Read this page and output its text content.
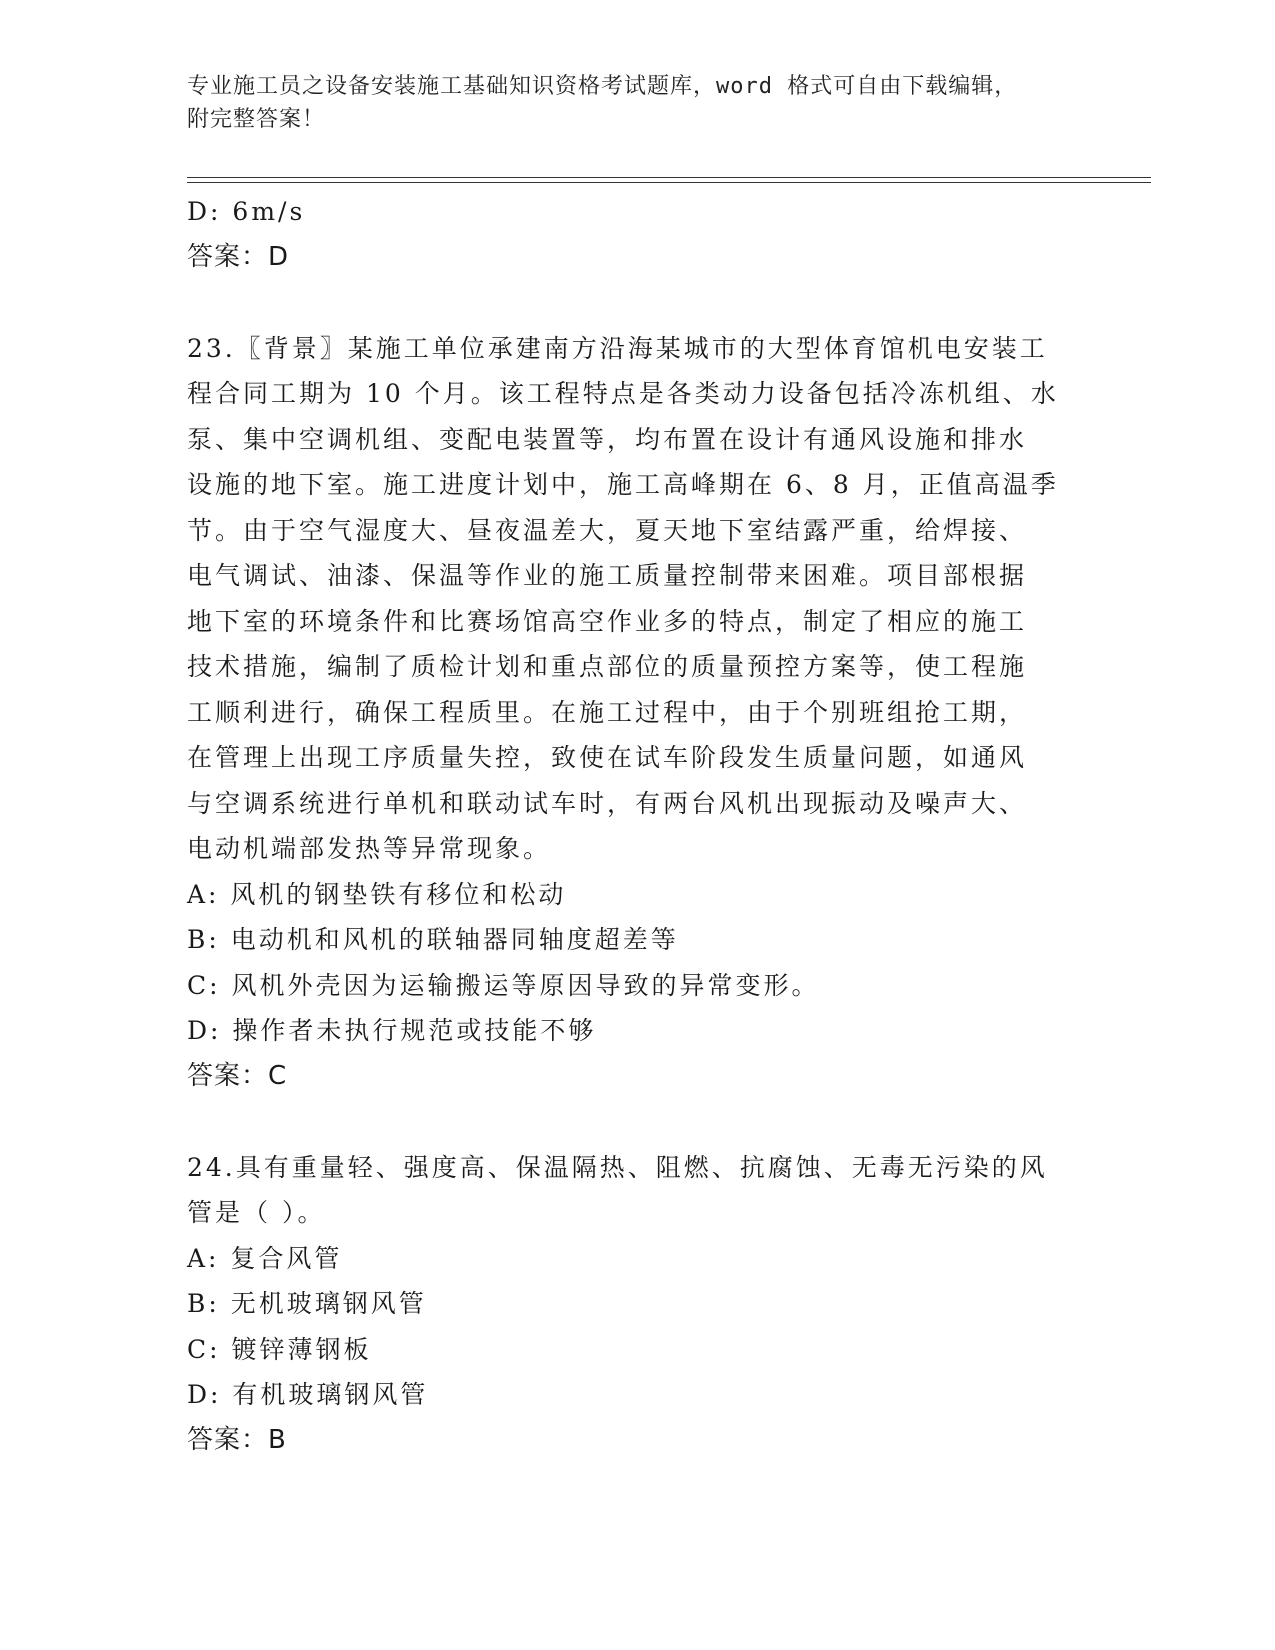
专业施工员之设备安装施工基础知识资格考试题库，word 格式可自由下载编辑，
附完整答案！
D: 6m/s
答案：D
23.〖背景〗某施工单位承建南方沿海某城市的大型体育馆机电安装工
程合同工期为 10 个月。该工程特点是各类动力设备包括冷冻机组、水
泵、集中空调机组、变配电装置等，均布置在设计有通风设施和排水
设施的地下室。施工进度计划中，施工高峰期在 6、8 月，正值高温季
节。由于空气湿度大、昼夜温差大，夏天地下室结露严重，给焊接、
电气调试、油漆、保温等作业的施工质量控制带来困难。项目部根据
地下室的环境条件和比赛场馆高空作业多的特点，制定了相应的施工
技术措施，编制了质检计划和重点部位的质量预控方案等，使工程施
工顺利进行，确保工程质里。在施工过程中，由于个别班组抢工期，
在管理上出现工序质量失控，致使在试车阶段发生质量问题，如通风
与空调系统进行单机和联动试车时，有两台风机出现振动及噪声大、
电动机端部发热等异常现象。
A: 风机的钢垫铁有移位和松动
B: 电动机和风机的联轴器同轴度超差等
C: 风机外壳因为运输搬运等原因导致的异常变形。
D: 操作者未执行规范或技能不够
答案：C
24.具有重量轻、强度高、保温隔热、阻燃、抗腐蚀、无毒无污染的风
管是（ ）。
A: 复合风管
B: 无机玻璃钢风管
C: 镀锌薄钢板
D: 有机玻璃钢风管
答案：B
